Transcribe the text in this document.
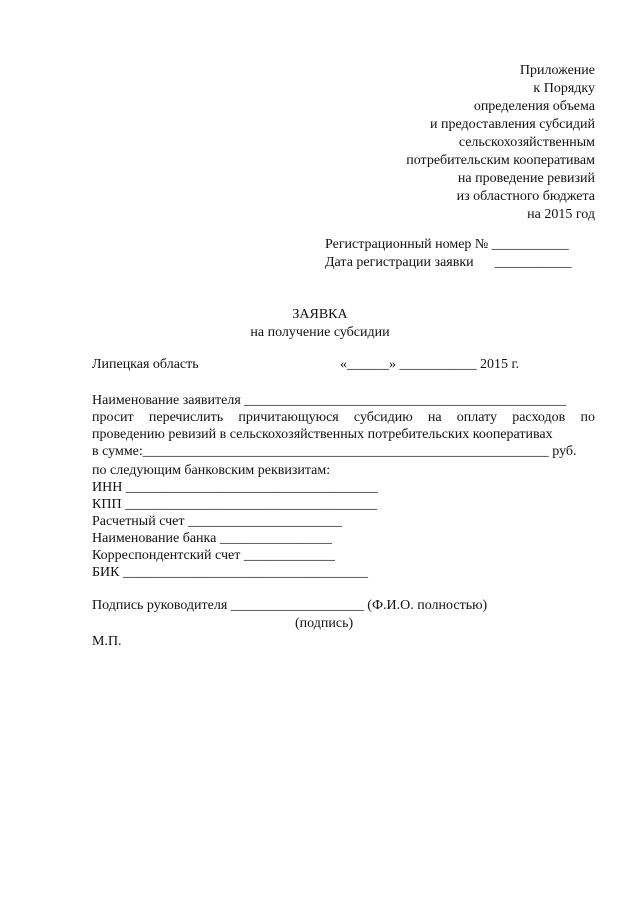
Приложение
к Порядку
определения объема
и предоставления субсидий
сельскохозяйственным
потребительским кооперативам
на проведение ревизий
из областного бюджета
на 2015 год
Регистрационный номер № ___________
Дата регистрации заявки      ___________
ЗАЯВКА
на получение субсидии
Липецкая область	«______» ___________ 2015 г.
Наименование заявителя ______________________________________________
просит перечислить причитающуюся субсидию на оплату расходов по
проведению ревизий в сельскохозяйственных потребительских кооперативах
в сумме:__________________________________________________________ руб.
по следующим банковским реквизитам:
ИНН ____________________________________
КПП ____________________________________
Расчетный счет ______________________
Наименование банка ________________
Корреспондентский счет _____________
БИК ___________________________________
Подпись руководителя ___________________ (Ф.И.О. полностью)
(подпись)
М.П.
